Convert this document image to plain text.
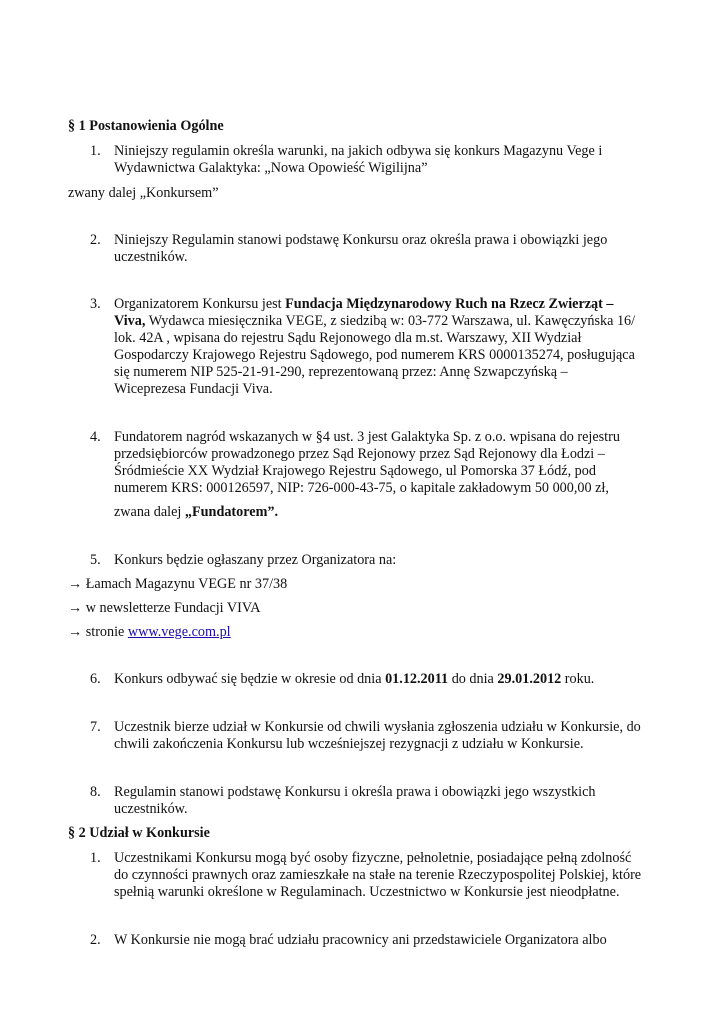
§ 1 Postanowienia Ogólne
1. Niniejszy regulamin określa warunki, na jakich odbywa się konkurs Magazynu Vege i
Wydawnictwa Galaktyka: „Nowa Opowieść Wigilijna”
zwany dalej „Konkursem”
2. Niniejszy Regulamin stanowi podstawę Konkursu oraz określa prawa i obowiązki jego
uczestników.
3. Organizatorem Konkursu jest Fundacja Międzynarodowy Ruch na Rzecz Zwierząt –
Viva, Wydawca miesięcznika VEGE, z siedzibą w: 03-772 Warszawa, ul. Kawęczyńska 16/
lok. 42A , wpisana do rejestru Sądu Rejonowego dla m.st. Warszawy, XII Wydział
Gospodarczy Krajowego Rejestru Sądowego, pod numerem KRS 0000135274, posługująca
się numerem NIP 525-21-91-290, reprezentowaną przez: Annę Szwapczyńską –
Wiceprezesa Fundacji Viva.
4. Fundatorem nagród wskazanych w §4 ust. 3 jest Galaktyka Sp. z o.o. wpisana do rejestru
przedsiębiorców prowadzonego przez Sąd Rejonowy przez Sąd Rejonowy dla Łodzi –
Śródmieście XX Wydział Krajowego Rejestru Sądowego, ul Pomorska 37 Łódź, pod
numerem KRS: 000126597, NIP: 726-000-43-75, o kapitale zakładowym 50 000,00 zł,
zwana dalej „Fundatorem”.
5. Konkurs będzie ogłaszany przez Organizatora na:
→ Łamach Magazynu VEGE nr 37/38
→ w newsletterze Fundacji VIVA
→ stronie www.vege.com.pl
6. Konkurs odbywać się będzie w okresie od dnia 01.12.2011 do dnia 29.01.2012 roku.
7. Uczestnik bierze udział w Konkursie od chwili wysłania zgłoszenia udziału w Konkursie, do
chwili zakończenia Konkursu lub wcześniejszej rezygnacji z udziału w Konkursie.
8. Regulamin stanowi podstawę Konkursu i określa prawa i obowiązki jego wszystkich
uczestników.
§ 2 Udział w Konkursie
1. Uczestnikami Konkursu mogą być osoby fizyczne, pełnoletnie, posiadające pełną zdolność
do czynności prawnych oraz zamieszkałe na stałe na terenie Rzeczypospolitej Polskiej, które
spełnią warunki określone w Regulaminach. Uczestnictwo w Konkursie jest nieodpłatne.
2. W Konkursie nie mogą brać udziału pracownicy ani przedstawiciele Organizatora albo
